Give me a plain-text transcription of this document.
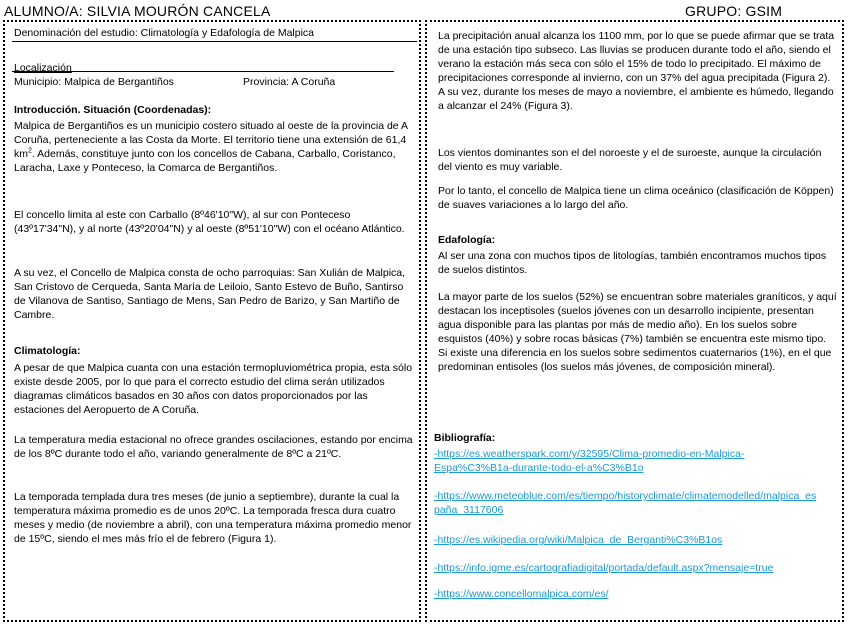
ALUMNO/A: SILVIA MOURÓN CANCELA	GRUPO: GSIM

Denominación del estudio: Climatología y Edafología de Malpica

Localización

Municipio: Malpica de Bergantiños	Provincia: A Coruña

Introducción. Situación (Coordenadas):

Malpica de Bergantiños es un municipio costero situado al oeste de la provincia de A Coruña, perteneciente a las Costa da Morte. El territorio tiene una extensión de 61,4 $km^2$. Además, constituye junto con los concellos de Cabana, Carballo, Coristanco, Laracha, Laxe y Ponteceso, la Comarca de Bergantiños.

El concello limita al este con Carballo (8º46'10"W), al sur con Ponteceso (43º17'34"N), y al norte (43º20'04"N) y al oeste (8º51'10"W) con el océano Atlántico.

A su vez, el Concello de Malpica consta de ocho parroquias: San Xulián de Malpica, San Cristovo de Cerqueda, Santa María de Leiloio, Santo Estevo de Buño, Santirso de Vilanova de Santiso, Santiago de Mens, San Pedro de Barizo, y San Martiño de Cambre.

Climatología:

A pesar de que Malpica cuanta con una estación termopluviométrica propia, esta sólo existe desde 2005, por lo que para el correcto estudio del clima serán utilizados diagramas climáticos basados en 30 años con datos proporcionados por las estaciones del Aeropuerto de A Coruña.

La temperatura media estacional no ofrece grandes oscilaciones, estando por encima de los 8ºC durante todo el año, variando generalmente de 8ºC a 21ºC.

La temporada templada dura tres meses (de junio a septiembre), durante la cual la temperatura máxima promedio es de unos 20ºC. La temporada fresca dura cuatro meses y medio (de noviembre a abril), con una temperatura máxima promedio menor de 15ºC, siendo el mes más frío el de febrero (Figura 1).

La precipitación anual alcanza los 1100 mm, por lo que se puede afirmar que se trata de una estación tipo subseco. Las lluvias se producen durante todo el año, siendo el verano la estación más seca con sólo el 15% de todo lo precipitado. El máximo de precipitaciones corresponde al invierno, con un 37% del agua precipitada (Figura 2). A su vez, durante los meses de mayo a noviembre, el ambiente es húmedo, llegando a alcanzar el 24% (Figura 3).

Los vientos dominantes son el del noroeste y el de suroeste, aunque la circulación del viento es muy variable.

Por lo tanto, el concello de Malpica tiene un clima oceánico (clasificación de Köppen) de suaves variaciones a lo largo del año.

Edafología:

Al ser una zona con muchos tipos de litologías, también encontramos muchos tipos de suelos distintos.

La mayor parte de los suelos (52%) se encuentran sobre materiales graníticos, y aquí destacan los inceptisoles (suelos jóvenes con un desarrollo incipiente, presentan agua disponible para las plantas por más de medio año). En los suelos sobre esquistos (40%) y sobre rocas básicas (7%) también se encuentra este mismo tipo. Si existe una diferencia en los suelos sobre sedimentos cuaternarios (1%), en el que predominan entisoles (los suelos más jóvenes, de composición mineral).

Bibliografía:

-https://es.weatherspark.com/y/32595/Clima-promedio-en-Malpica-Espa%C3%B1a-durante-todo-el-a%C3%B1o

-https://www.meteoblue.com/es/tiempo/historyclimate/climatemodelled/malpica_españa_3117606

-https://es.wikipedia.org/wiki/Malpica_de_Berganti%C3%B1os

-https://info.igme.es/cartografiadigital/portada/default.aspx?mensaje=true

-https://www.concellomalpica.com/es/
